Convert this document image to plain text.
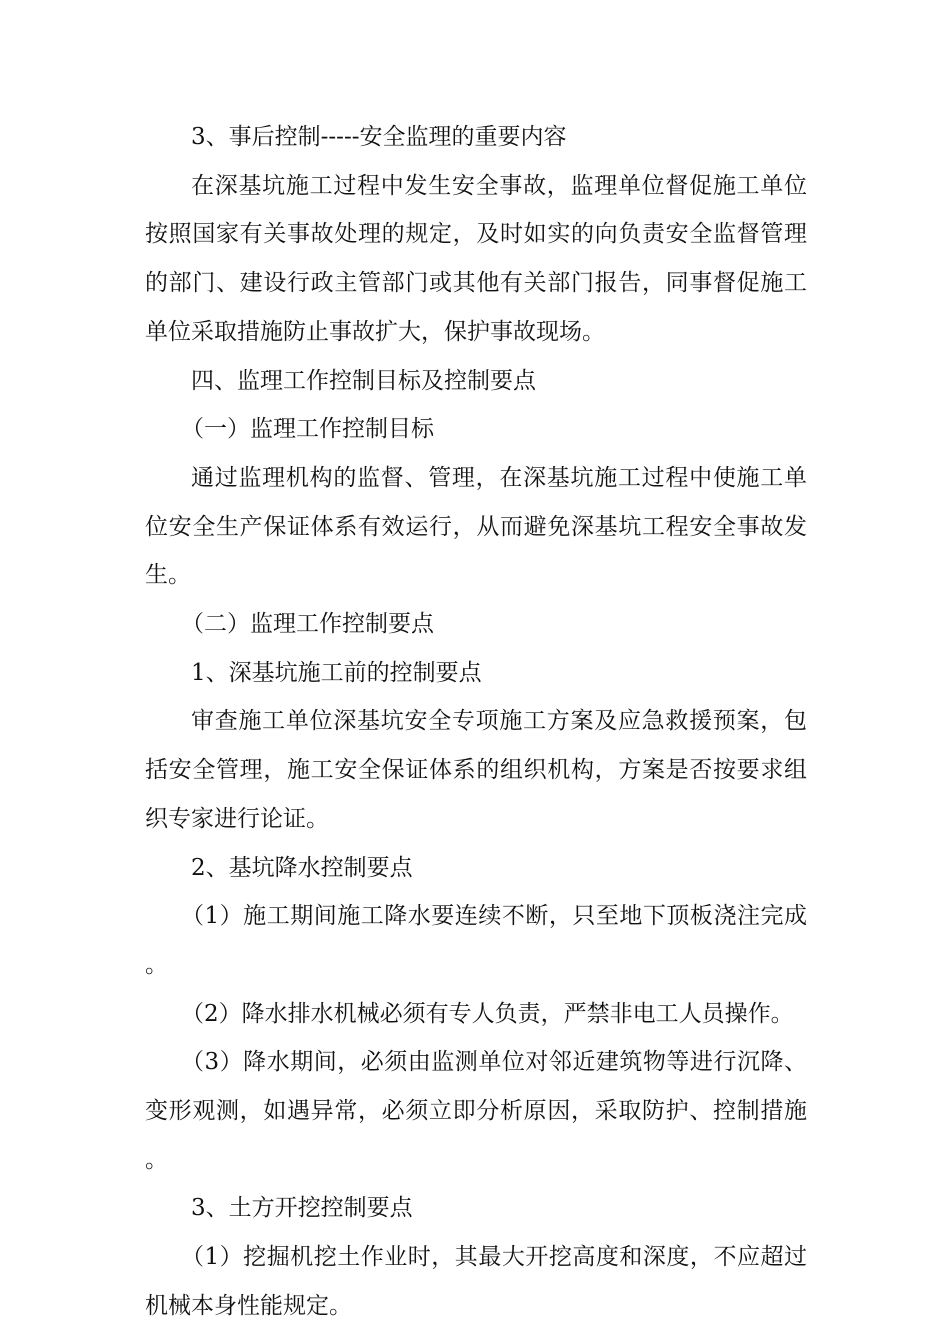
3、事后控制-----安全监理的重要内容

在深基坑施工过程中发生安全事故，监理单位督促施工单位按照国家有关事故处理的规定，及时如实的向负责安全监督管理的部门、建设行政主管部门或其他有关部门报告，同事督促施工单位采取措施防止事故扩大，保护事故现场。

四、监理工作控制目标及控制要点

（一）监理工作控制目标

通过监理机构的监督、管理，在深基坑施工过程中使施工单位安全生产保证体系有效运行，从而避免深基坑工程安全事故发生。

（二）监理工作控制要点

1、深基坑施工前的控制要点

审查施工单位深基坑安全专项施工方案及应急救援预案，包括安全管理，施工安全保证体系的组织机构，方案是否按要求组织专家进行论证。

2、基坑降水控制要点

（1）施工期间施工降水要连续不断，只至地下顶板浇注完成。

（2）降水排水机械必须有专人负责，严禁非电工人员操作。

（3）降水期间，必须由监测单位对邻近建筑物等进行沉降、变形观测，如遇异常，必须立即分析原因，采取防护、控制措施。

3、土方开挖控制要点

（1）挖掘机挖土作业时，其最大开挖高度和深度，不应超过机械本身性能规定。
